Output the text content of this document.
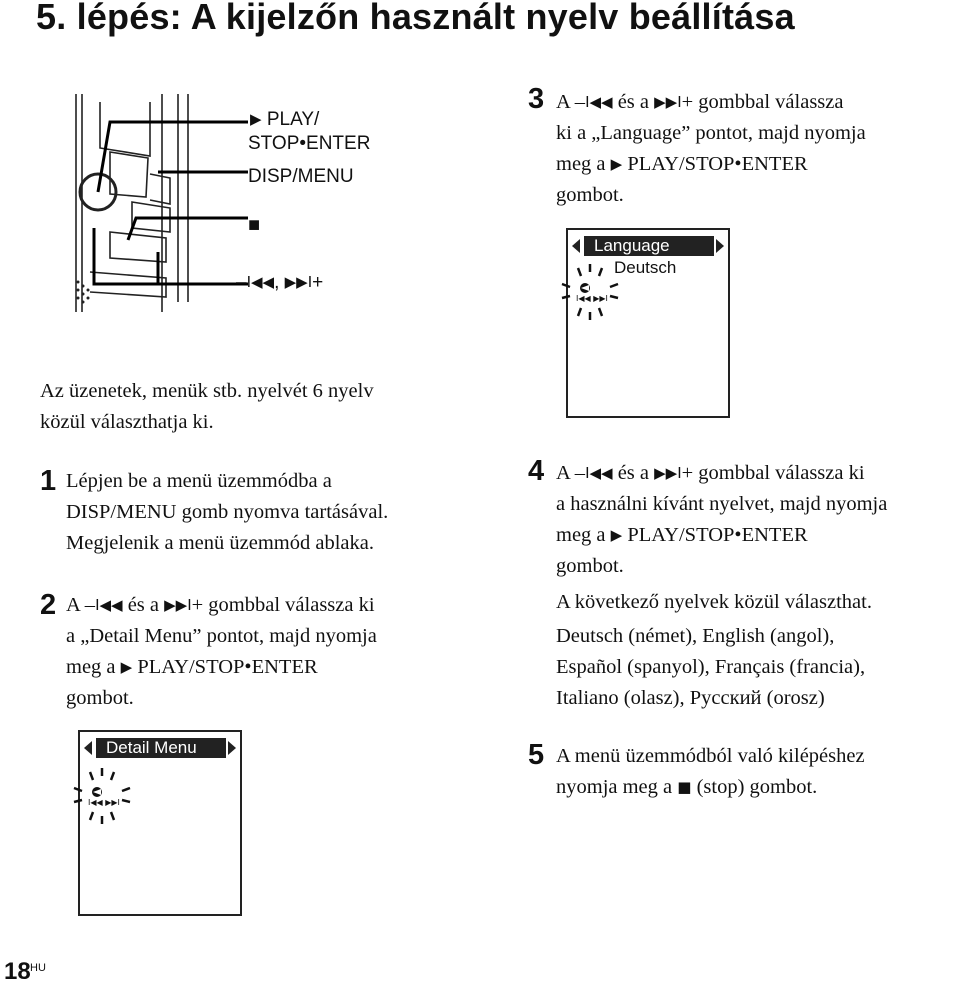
5. lépés: A kijelzőn használt nyelv beállítása
▶ PLAY/
STOP•ENTER
DISP/MENU
■
–I◀◀, ▶▶I+
Az üzenetek, menük stb. nyelvét 6 nyelv
közül választhatja ki.
1 Lépjen be a menü üzemmódba a
DISP/MENU gomb nyomva tartásával.
Megjelenik a menü üzemmód ablaka.
2 A –I◀◀ és a ▶▶I+ gombbal válassza ki
a „Detail Menu” pontot, majd nyomja
meg a ▶ PLAY/STOP•ENTER
gombot.
Detail Menu
I◀◀ ▶▶I
3 A –I◀◀ és a ▶▶I+ gombbal válassza
ki a „Language” pontot, majd nyomja
meg a ▶ PLAY/STOP•ENTER
gombot.
Language
Deutsch
I◀◀ ▶▶I
4 A –I◀◀ és a ▶▶I+ gombbal válassza ki
a használni kívánt nyelvet, majd nyomja
meg a ▶ PLAY/STOP•ENTER
gombot.
A következő nyelvek közül választhat.
Deutsch (német), English (angol),
Español (spanyol), Français (francia),
Italiano (olasz), Русский (orosz)
5 A menü üzemmódból való kilépéshez
nyomja meg a ■ (stop) gombot.
18 HU
